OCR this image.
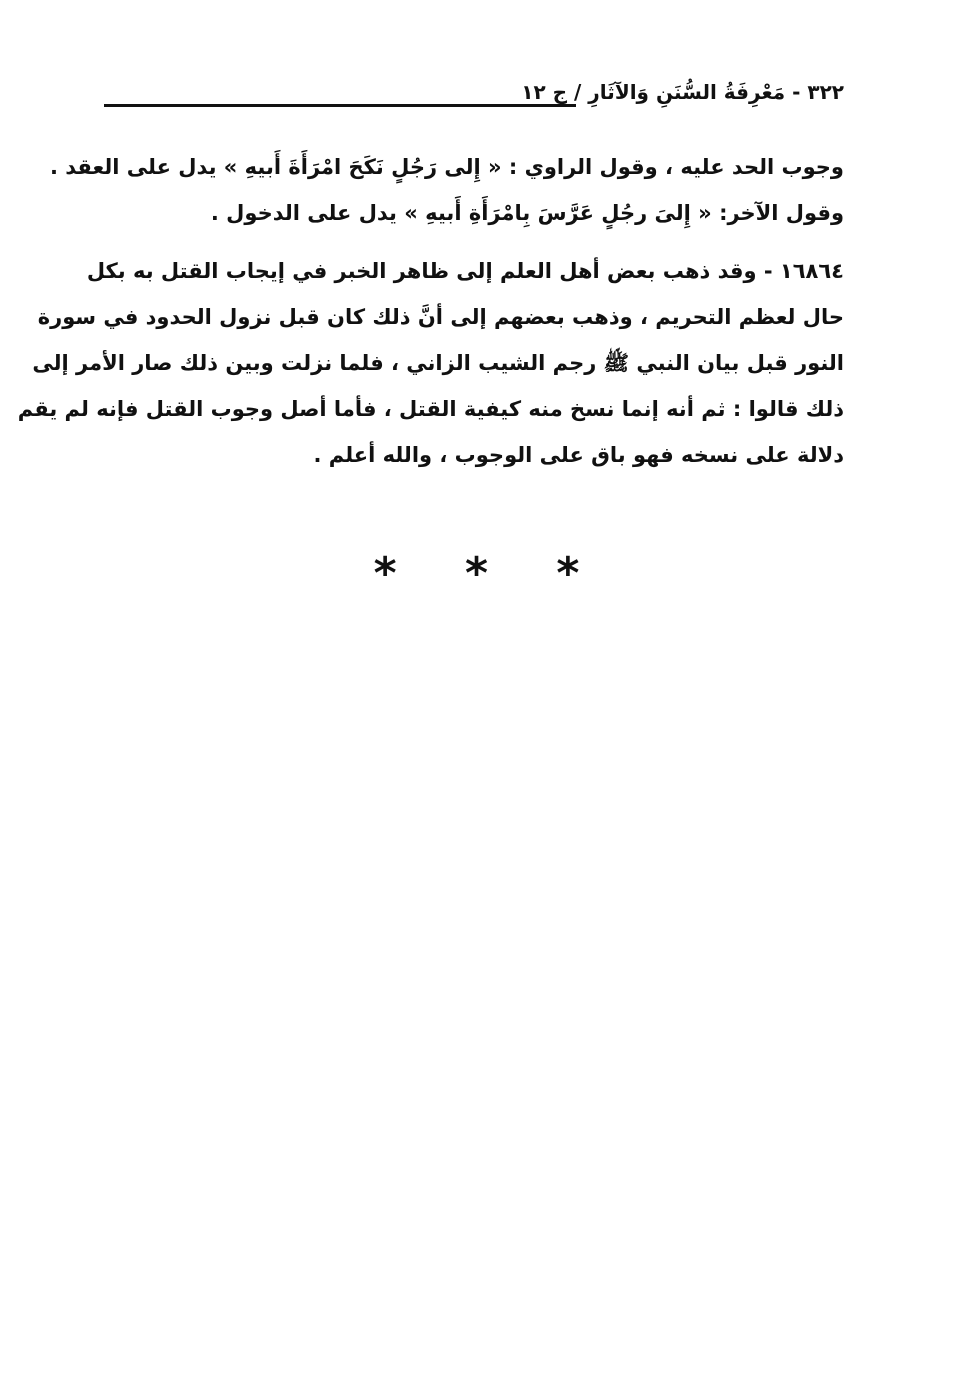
٣٢٢ - مَعْرِفَةُ السُّنَنِ وَالآثَارِ / ج ١٢
وجوب الحد عليه ، وقول الراوي : « إِلى رَجُلٍ نَكَحَ امْرَأَةَ أَبيهِ » يدل على العقد .
وقول الآخر: « إِلىَ رجُلٍ عَرَّسَ بِامْرَأَةِ أَبيهِ » يدل على الدخول .
١٦٨٦٤ - وقد ذهب بعض أهل العلم إلى ظاهر الخبر في إيجاب القتل به بكل
حال لعظم التحريم ، وذهب بعضهم إلى أنَّ ذلك كان قبل نزول الحدود في سورة
النور قبل بيان النبي ﷺ رجم الشيب الزاني ، فلما نزلت وبين ذلك صار الأمر إلى
ذلك قالوا : ثم أنه إنما نسخ منه كيفية القتل ، فأما أصل وجوب القتل فإنه لم يقم
دلالة على نسخه فهو باق على الوجوب ، والله أعلم .
* * *
